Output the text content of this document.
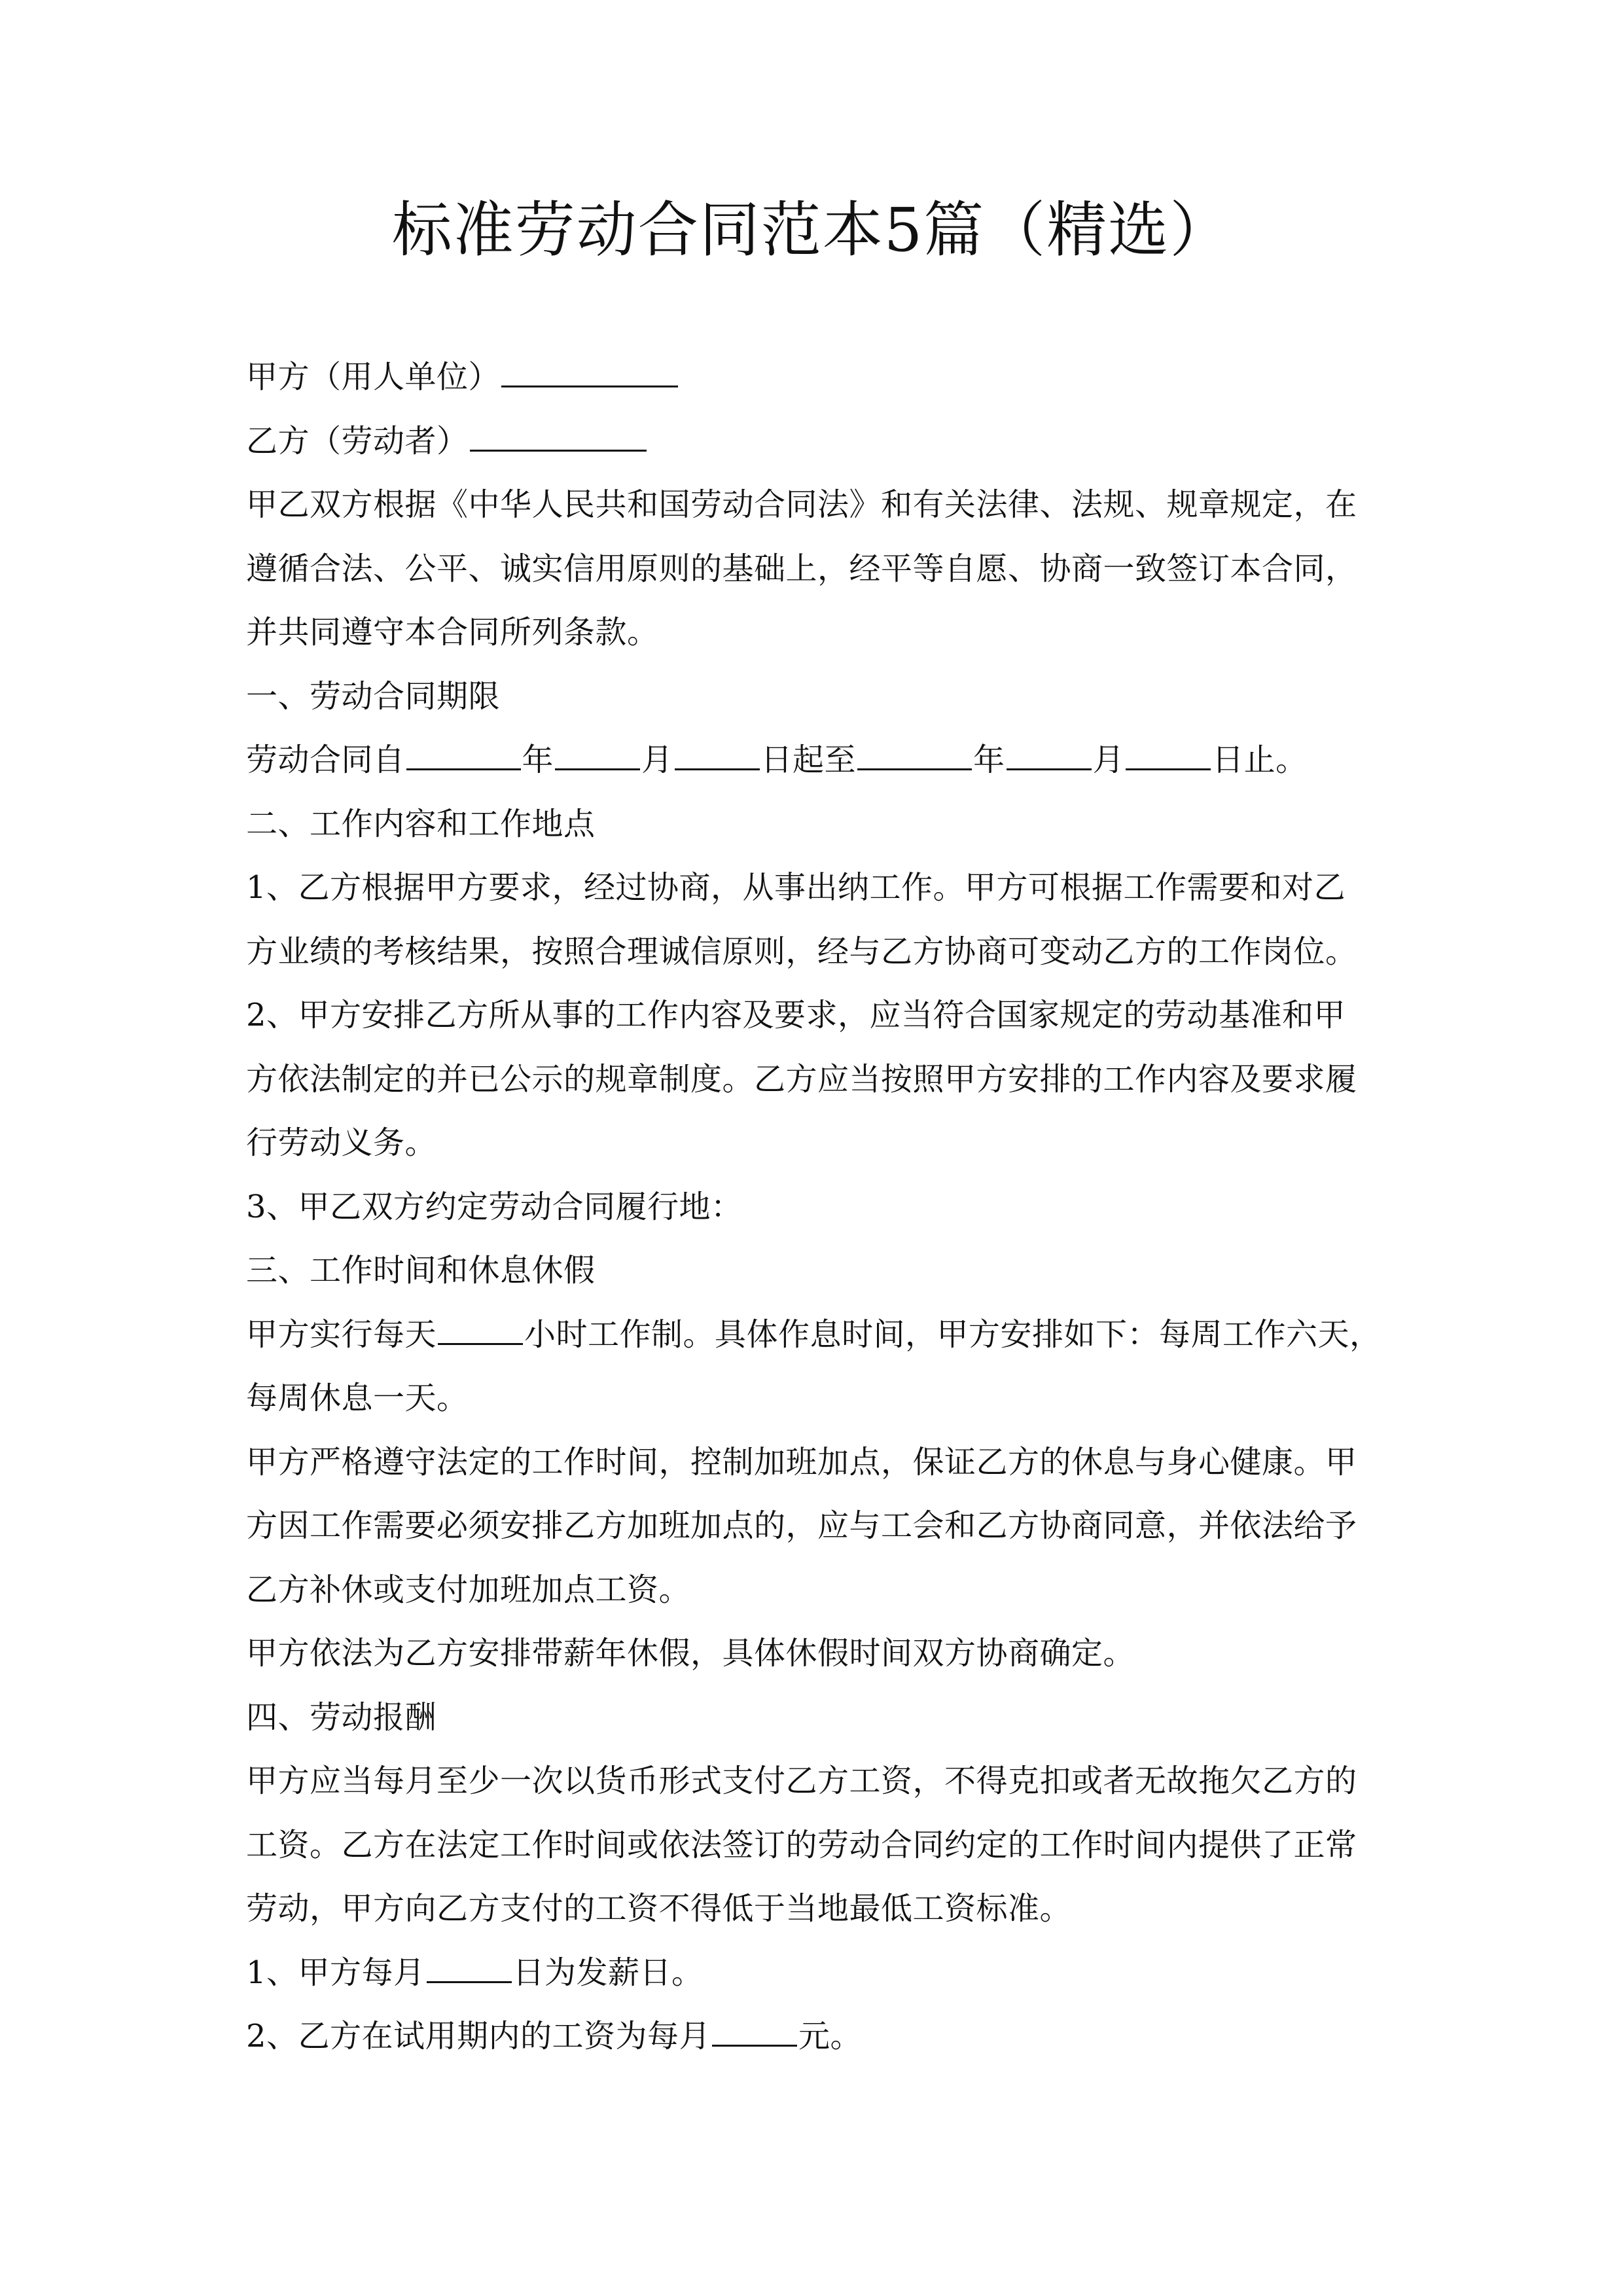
标准劳动合同范本5篇（精选）
甲方（用人单位）
乙方（劳动者）
甲乙双方根据《中华人民共和国劳动合同法》和有关法律、法规、规章规定，在
遵循合法、公平、诚实信用原则的基础上，经平等自愿、协商一致签订本合同，
并共同遵守本合同所列条款。
一、劳动合同期限
劳动合同自	年	月	日起至	年	月	日止。
二、工作内容和工作地点
1、乙方根据甲方要求，经过协商，从事出纳工作。甲方可根据工作需要和对乙
方业绩的考核结果，按照合理诚信原则，经与乙方协商可变动乙方的工作岗位。
2、甲方安排乙方所从事的工作内容及要求，应当符合国家规定的劳动基准和甲
方依法制定的并已公示的规章制度。乙方应当按照甲方安排的工作内容及要求履
行劳动义务。
3、甲乙双方约定劳动合同履行地：
三、工作时间和休息休假
甲方实行每天	小时工作制。具体作息时间，甲方安排如下：每周工作六天，
每周休息一天。
甲方严格遵守法定的工作时间，控制加班加点，保证乙方的休息与身心健康。甲
方因工作需要必须安排乙方加班加点的，应与工会和乙方协商同意，并依法给予
乙方补休或支付加班加点工资。
甲方依法为乙方安排带薪年休假，具体休假时间双方协商确定。
四、劳动报酬
甲方应当每月至少一次以货币形式支付乙方工资，不得克扣或者无故拖欠乙方的
工资。乙方在法定工作时间或依法签订的劳动合同约定的工作时间内提供了正常
劳动，甲方向乙方支付的工资不得低于当地最低工资标准。
1、甲方每月	日为发薪日。
2、乙方在试用期内的工资为每月	元。
